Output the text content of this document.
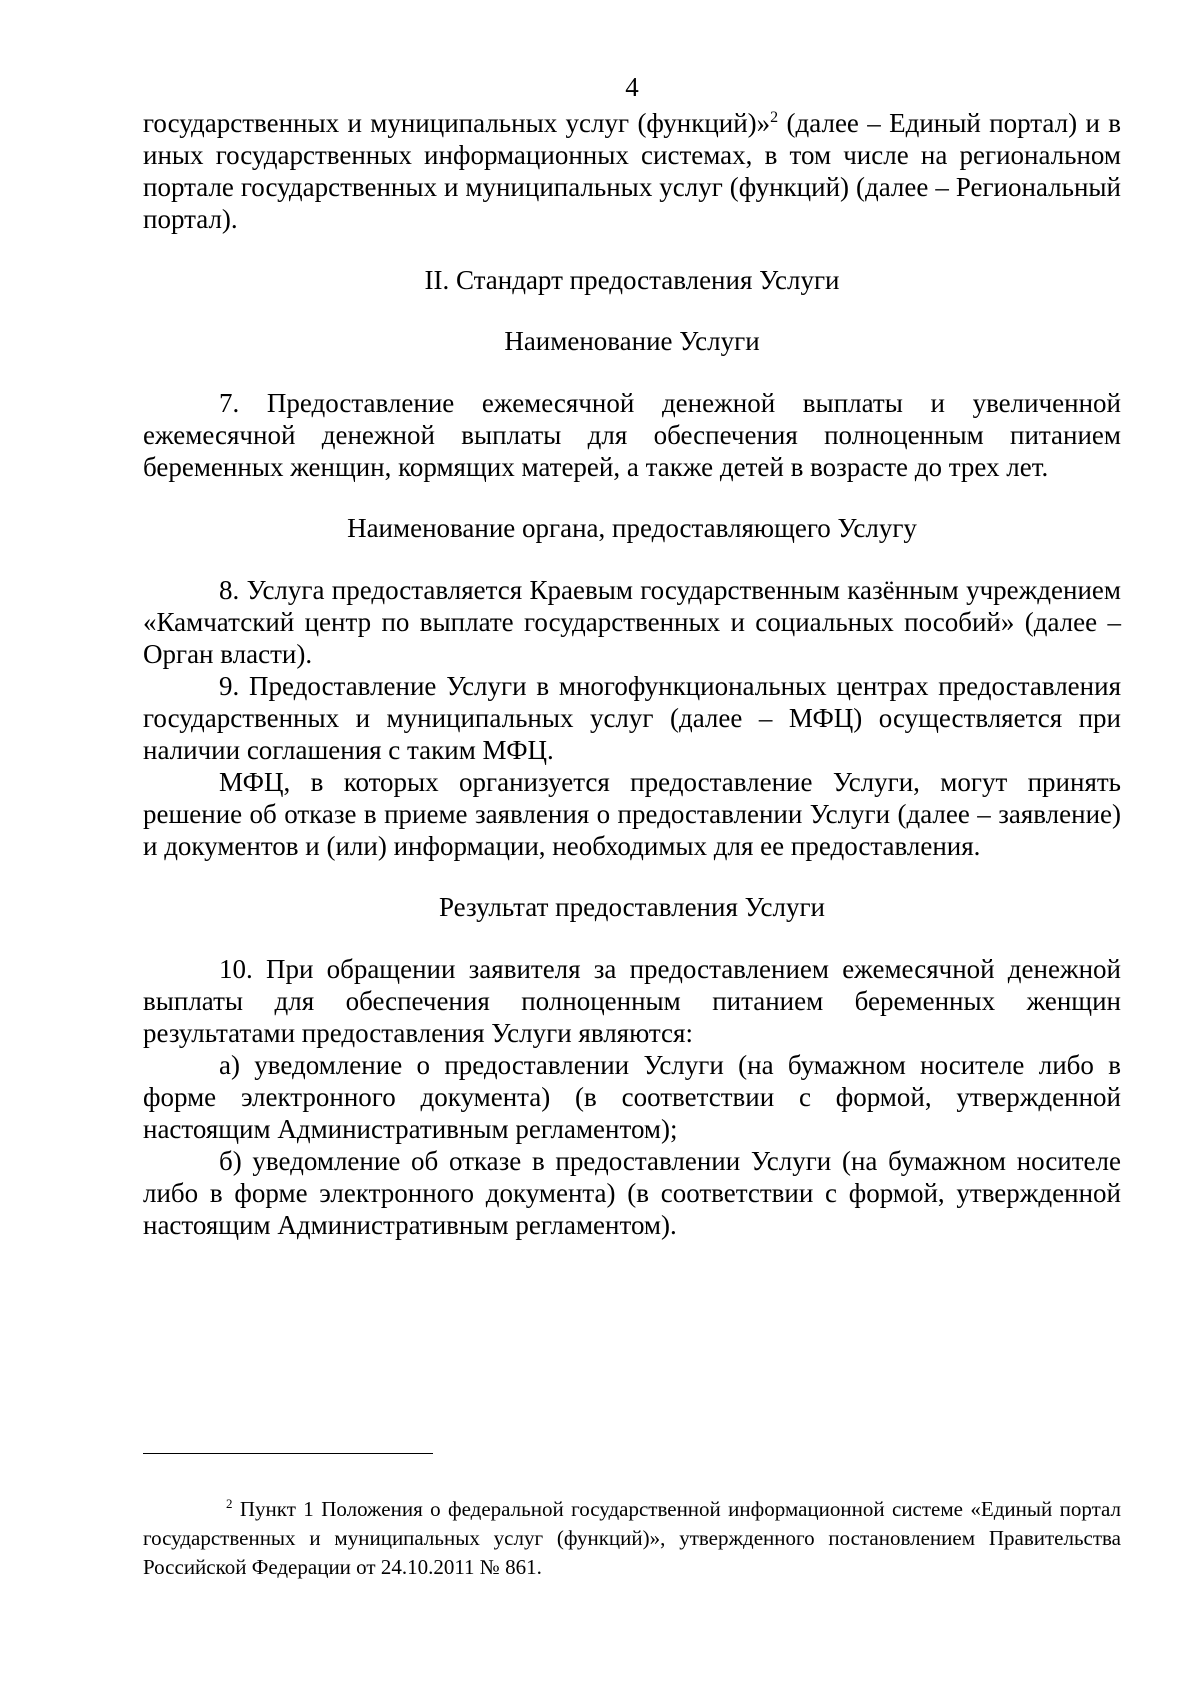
4

государственных и муниципальных услуг (функций)»$^2$ (далее – Единый портал) и в иных государственных информационных системах, в том числе на региональном портале государственных и муниципальных услуг (функций) (далее – Региональный портал).

II. Стандарт предоставления Услуги
Наименование Услуги

7. Предоставление ежемесячной денежной выплаты и увеличенной ежемесячной денежной выплаты для обеспечения полноценным питанием беременных женщин, кормящих матерей, а также детей в возрасте до трех лет.

Наименование органа, предоставляющего Услугу

8. Услуга предоставляется Краевым государственным казённым учреждением «Камчатский центр по выплате государственных и социальных пособий» (далее – Орган власти).

9. Предоставление Услуги в многофункциональных центрах предоставления государственных и муниципальных услуг (далее – МФЦ) осуществляется при наличии соглашения с таким МФЦ.

МФЦ, в которых организуется предоставление Услуги, могут принять решение об отказе в приеме заявления о предоставлении Услуги (далее – заявление) и документов и (или) информации, необходимых для ее предоставления.

Результат предоставления Услуги

10. При обращении заявителя за предоставлением ежемесячной денежной выплаты для обеспечения полноценным питанием беременных женщин результатами предоставления Услуги являются:

а) уведомление о предоставлении Услуги (на бумажном носителе либо в форме электронного документа) (в соответствии с формой, утвержденной настоящим Административным регламентом);

б) уведомление об отказе в предоставлении Услуги (на бумажном носителе либо в форме электронного документа) (в соответствии с формой, утвержденной настоящим Административным регламентом).

$^2$ Пункт 1 Положения о федеральной государственной информационной системе «Единый портал государственных и муниципальных услуг (функций)», утвержденного постановлением Правительства Российской Федерации от 24.10.2011 № 861.
